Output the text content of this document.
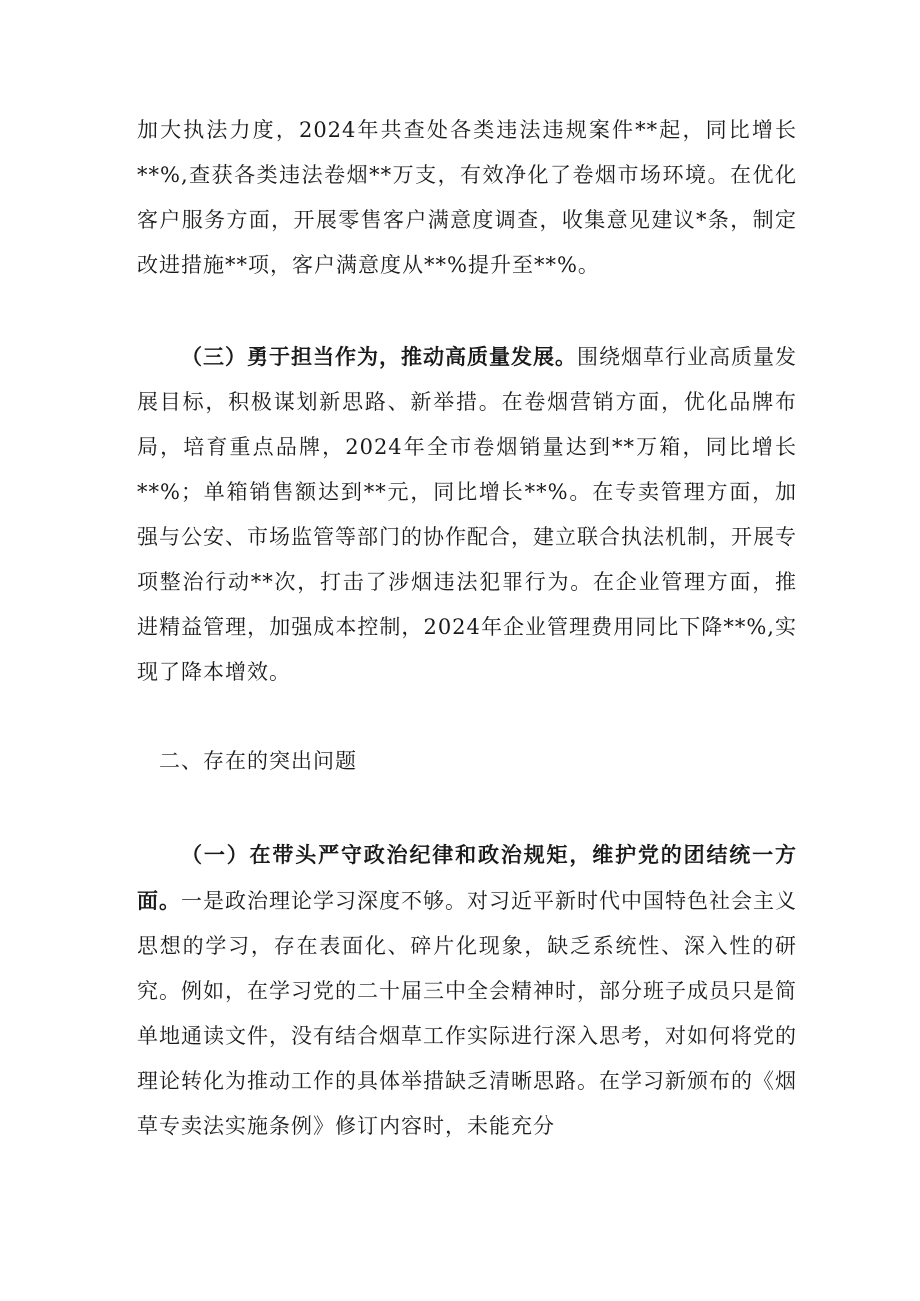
加大执法力度，2024年共查处各类违法违规案件**起，同比增长**%,查获各类违法卷烟**万支，有效净化了卷烟市场环境。在优化客户服务方面，开展零售客户满意度调查，收集意见建议*条，制定改进措施**项，客户满意度从**%提升至**%。

（三）勇于担当作为，推动高质量发展。围绕烟草行业高质量发展目标，积极谋划新思路、新举措。在卷烟营销方面，优化品牌布局，培育重点品牌，2024年全市卷烟销量达到**万箱，同比增长**%；单箱销售额达到**元，同比增长**%。在专卖管理方面，加强与公安、市场监管等部门的协作配合，建立联合执法机制，开展专项整治行动**次，打击了涉烟违法犯罪行为。在企业管理方面，推进精益管理，加强成本控制，2024年企业管理费用同比下降**%,实现了降本增效。

二、存在的突出问题

（一）在带头严守政治纪律和政治规矩，维护党的团结统一方面。一是政治理论学习深度不够。对习近平新时代中国特色社会主义思想的学习，存在表面化、碎片化现象，缺乏系统性、深入性的研究。例如，在学习党的二十届三中全会精神时，部分班子成员只是简单地通读文件，没有结合烟草工作实际进行深入思考，对如何将党的理论转化为推动工作的具体举措缺乏清晰思路。在学习新颁布的《烟草专卖法实施条例》修订内容时，未能充分
